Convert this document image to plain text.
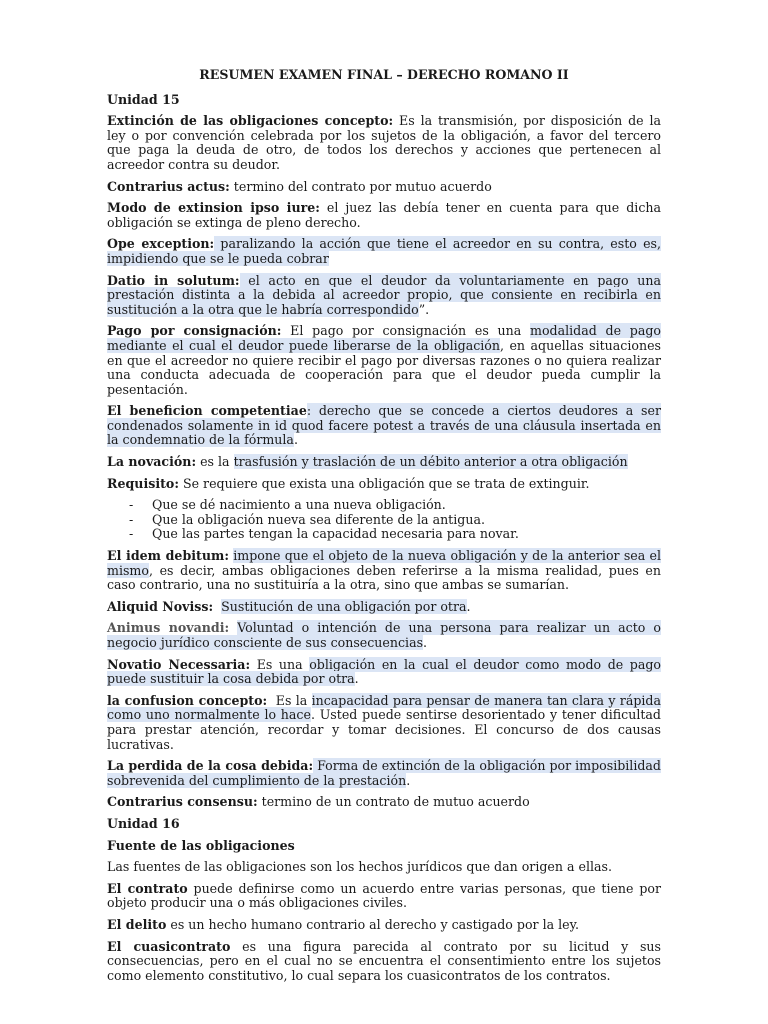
RESUMEN EXAMEN FINAL – DERECHO ROMANO II

Unidad 15

Extinción de las obligaciones concepto: Es la transmisión, por disposición de la ley o por convención celebrada por los sujetos de la obligación, a favor del tercero que paga la deuda de otro, de todos los derechos y acciones que pertenecen al acreedor contra su deudor.

Contrarius actus: termino del contrato por mutuo acuerdo

Modo de extinsion ipso iure: el juez las debía tener en cuenta para que dicha obligación se extinga de pleno derecho.

Ope exception: paralizando la acción que tiene el acreedor en su contra, esto es, impidiendo que se le pueda cobrar

Datio in solutum: el acto en que el deudor da voluntariamente en pago una prestación distinta a la debida al acreedor propio, que consiente en recibirla en sustitución a la otra que le habría correspondido”.

Pago por consignación: El pago por consignación es una modalidad de pago mediante el cual el deudor puede liberarse de la obligación, en aquellas situaciones en que el acreedor no quiere recibir el pago por diversas razones o no quiera realizar una conducta adecuada de cooperación para que el deudor pueda cumplir la pesentación.

El beneficion competentiae: derecho que se concede a ciertos deudores a ser condenados solamente in id quod facere potest a través de una cláusula insertada en la condemnatio de la fórmula.

La novación: es la trasfusión y traslación de un débito anterior a otra obligación

Requisito: Se requiere que exista una obligación que se trata de extinguir.

- Que se dé nacimiento a una nueva obligación.
- Que la obligación nueva sea diferente de la antigua.
- Que las partes tengan la capacidad necesaria para novar.

El idem debitum: impone que el objeto de la nueva obligación y de la anterior sea el mismo, es decir, ambas obligaciones deben referirse a la misma realidad, pues en caso contrario, una no sustituiría a la otra, sino que ambas se sumarían.

Aliquid Noviss: Sustitución de una obligación por otra.

Animus novandi: Voluntad o intención de una persona para realizar un acto o negocio jurídico consciente de sus consecuencias.

Novatio Necessaria: Es una obligación en la cual el deudor como modo de pago puede sustituir la cosa debida por otra.

la confusion concepto:  Es la incapacidad para pensar de manera tan clara y rápida como uno normalmente lo hace. Usted puede sentirse desorientado y tener dificultad para prestar atención, recordar y tomar decisiones. El concurso de dos causas lucrativas.

La perdida de la cosa debida: Forma de extinción de la obligación por imposibilidad sobrevenida del cumplimiento de la prestación.

Contrarius consensu: termino de un contrato de mutuo acuerdo

Unidad 16

Fuente de las obligaciones

Las fuentes de las obligaciones son los hechos jurídicos que dan origen a ellas.

El contrato puede definirse como un acuerdo entre varias personas, que tiene por objeto producir una o más obligaciones civiles.

El delito es un hecho humano contrario al derecho y castigado por la ley.

El cuasicontrato es una figura parecida al contrato por su licitud y sus consecuencias, pero en el cual no se encuentra el consentimiento entre los sujetos como elemento constitutivo, lo cual separa los cuasicontratos de los contratos.
